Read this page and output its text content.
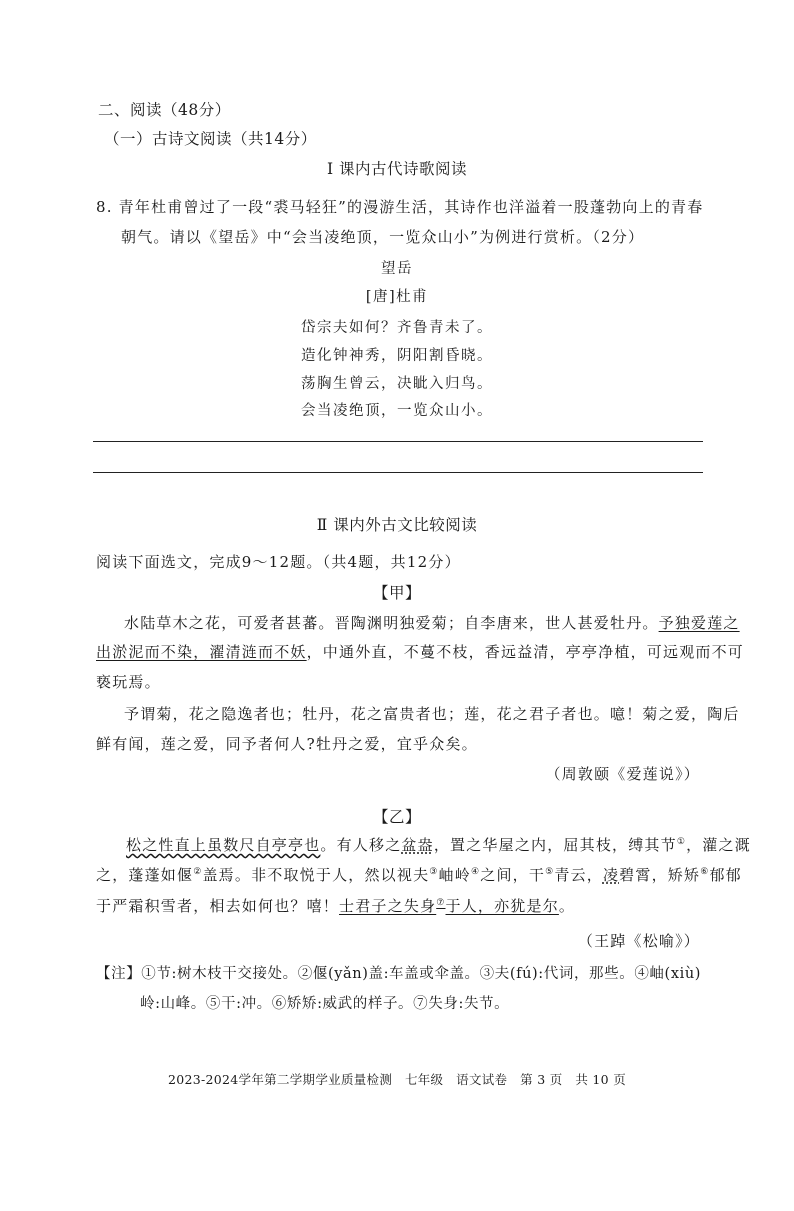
二、阅读（48分）
（一）古诗文阅读（共14分）
Ⅰ 课内古代诗歌阅读
8. 青年杜甫曾过了一段“裘马轻狂”的漫游生活，其诗作也洋溢着一股蓬勃向上的青春
朝气。请以《望岳》中“会当凌绝顶，一览众山小”为例进行赏析。（2分）
望岳
[唐]杜甫
岱宗夫如何？齐鲁青未了。
造化钟神秀，阴阳割昏晓。
荡胸生曾云，决眦入归鸟。
会当凌绝顶，一览众山小。
Ⅱ 课内外古文比较阅读
阅读下面选文，完成9～12题。（共4题，共12分）
【甲】
水陆草木之花，可爱者甚蕃。晋陶渊明独爱菊；自李唐来，世人甚爱牡丹。予独爱莲之
出淤泥而不染，濯清涟而不妖，中通外直，不蔓不枝，香远益清，亭亭净植，可远观而不可
亵玩焉。
予谓菊，花之隐逸者也；牡丹，花之富贵者也；莲，花之君子者也。噫！菊之爱，陶后
鲜有闻，莲之爱，同予者何人?牡丹之爱，宜乎众矣。
（周敦颐《爱莲说》）
【乙】
松之性直上虽数尺自亭亭也。有人移之盆盎，置之华屋之内，屈其枝，缚其节①，灌之溉
之，蓬蓬如偃②盖焉。非不取悦于人，然以视夫③岫岭④之间，干⑤青云，凌碧霄，矫矫⑥郁郁
于严霜积雪者，相去如何也？嘻！士君子之失身⑦于人，亦犹是尔。
（王踔《松喻》）
【注】①节:树木枝干交接处。②偃(yǎn)盖:车盖或伞盖。③夫(fú):代词，那些。④岫(xiù)
岭:山峰。⑤干:冲。⑥矫矫:威武的样子。⑦失身:失节。
2023-2024学年第二学期学业质量检测　七年级　语文试卷　第 3 页　共 10 页
